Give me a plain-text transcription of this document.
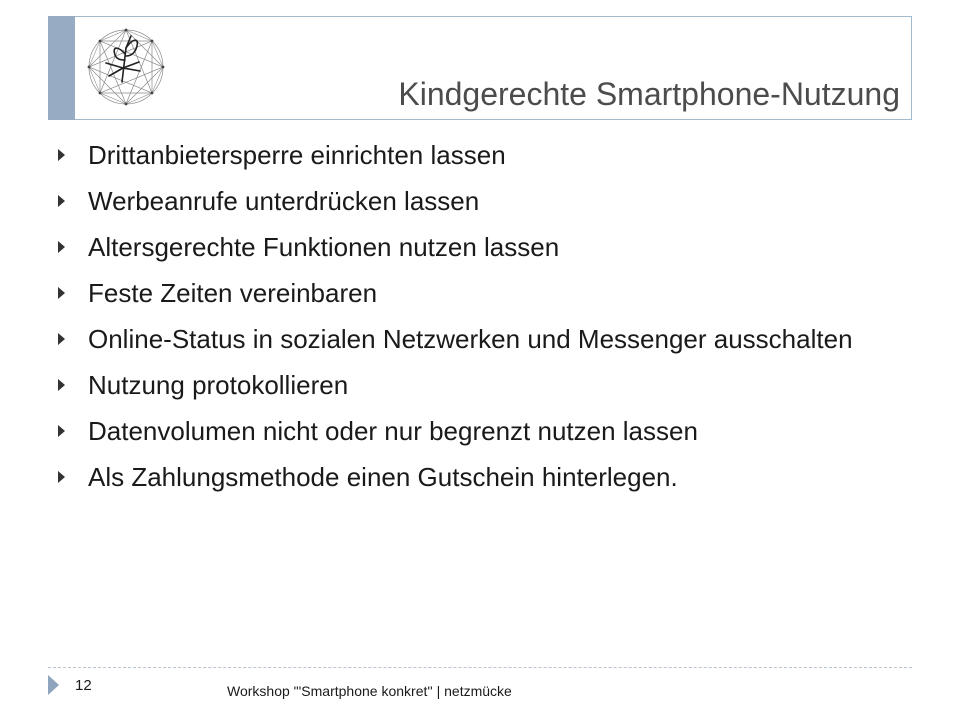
Kindgerechte Smartphone-Nutzung
Drittanbietersperre einrichten lassen
Werbeanrufe unterdrücken lassen
Altersgerechte Funktionen nutzen lassen
Feste Zeiten vereinbaren
Online-Status in sozialen Netzwerken und Messenger ausschalten
Nutzung protokollieren
Datenvolumen nicht oder nur begrenzt nutzen lassen
Als Zahlungsmethode einen Gutschein hinterlegen.
12	Workshop "'Smartphone konkret'' | netzmücke
